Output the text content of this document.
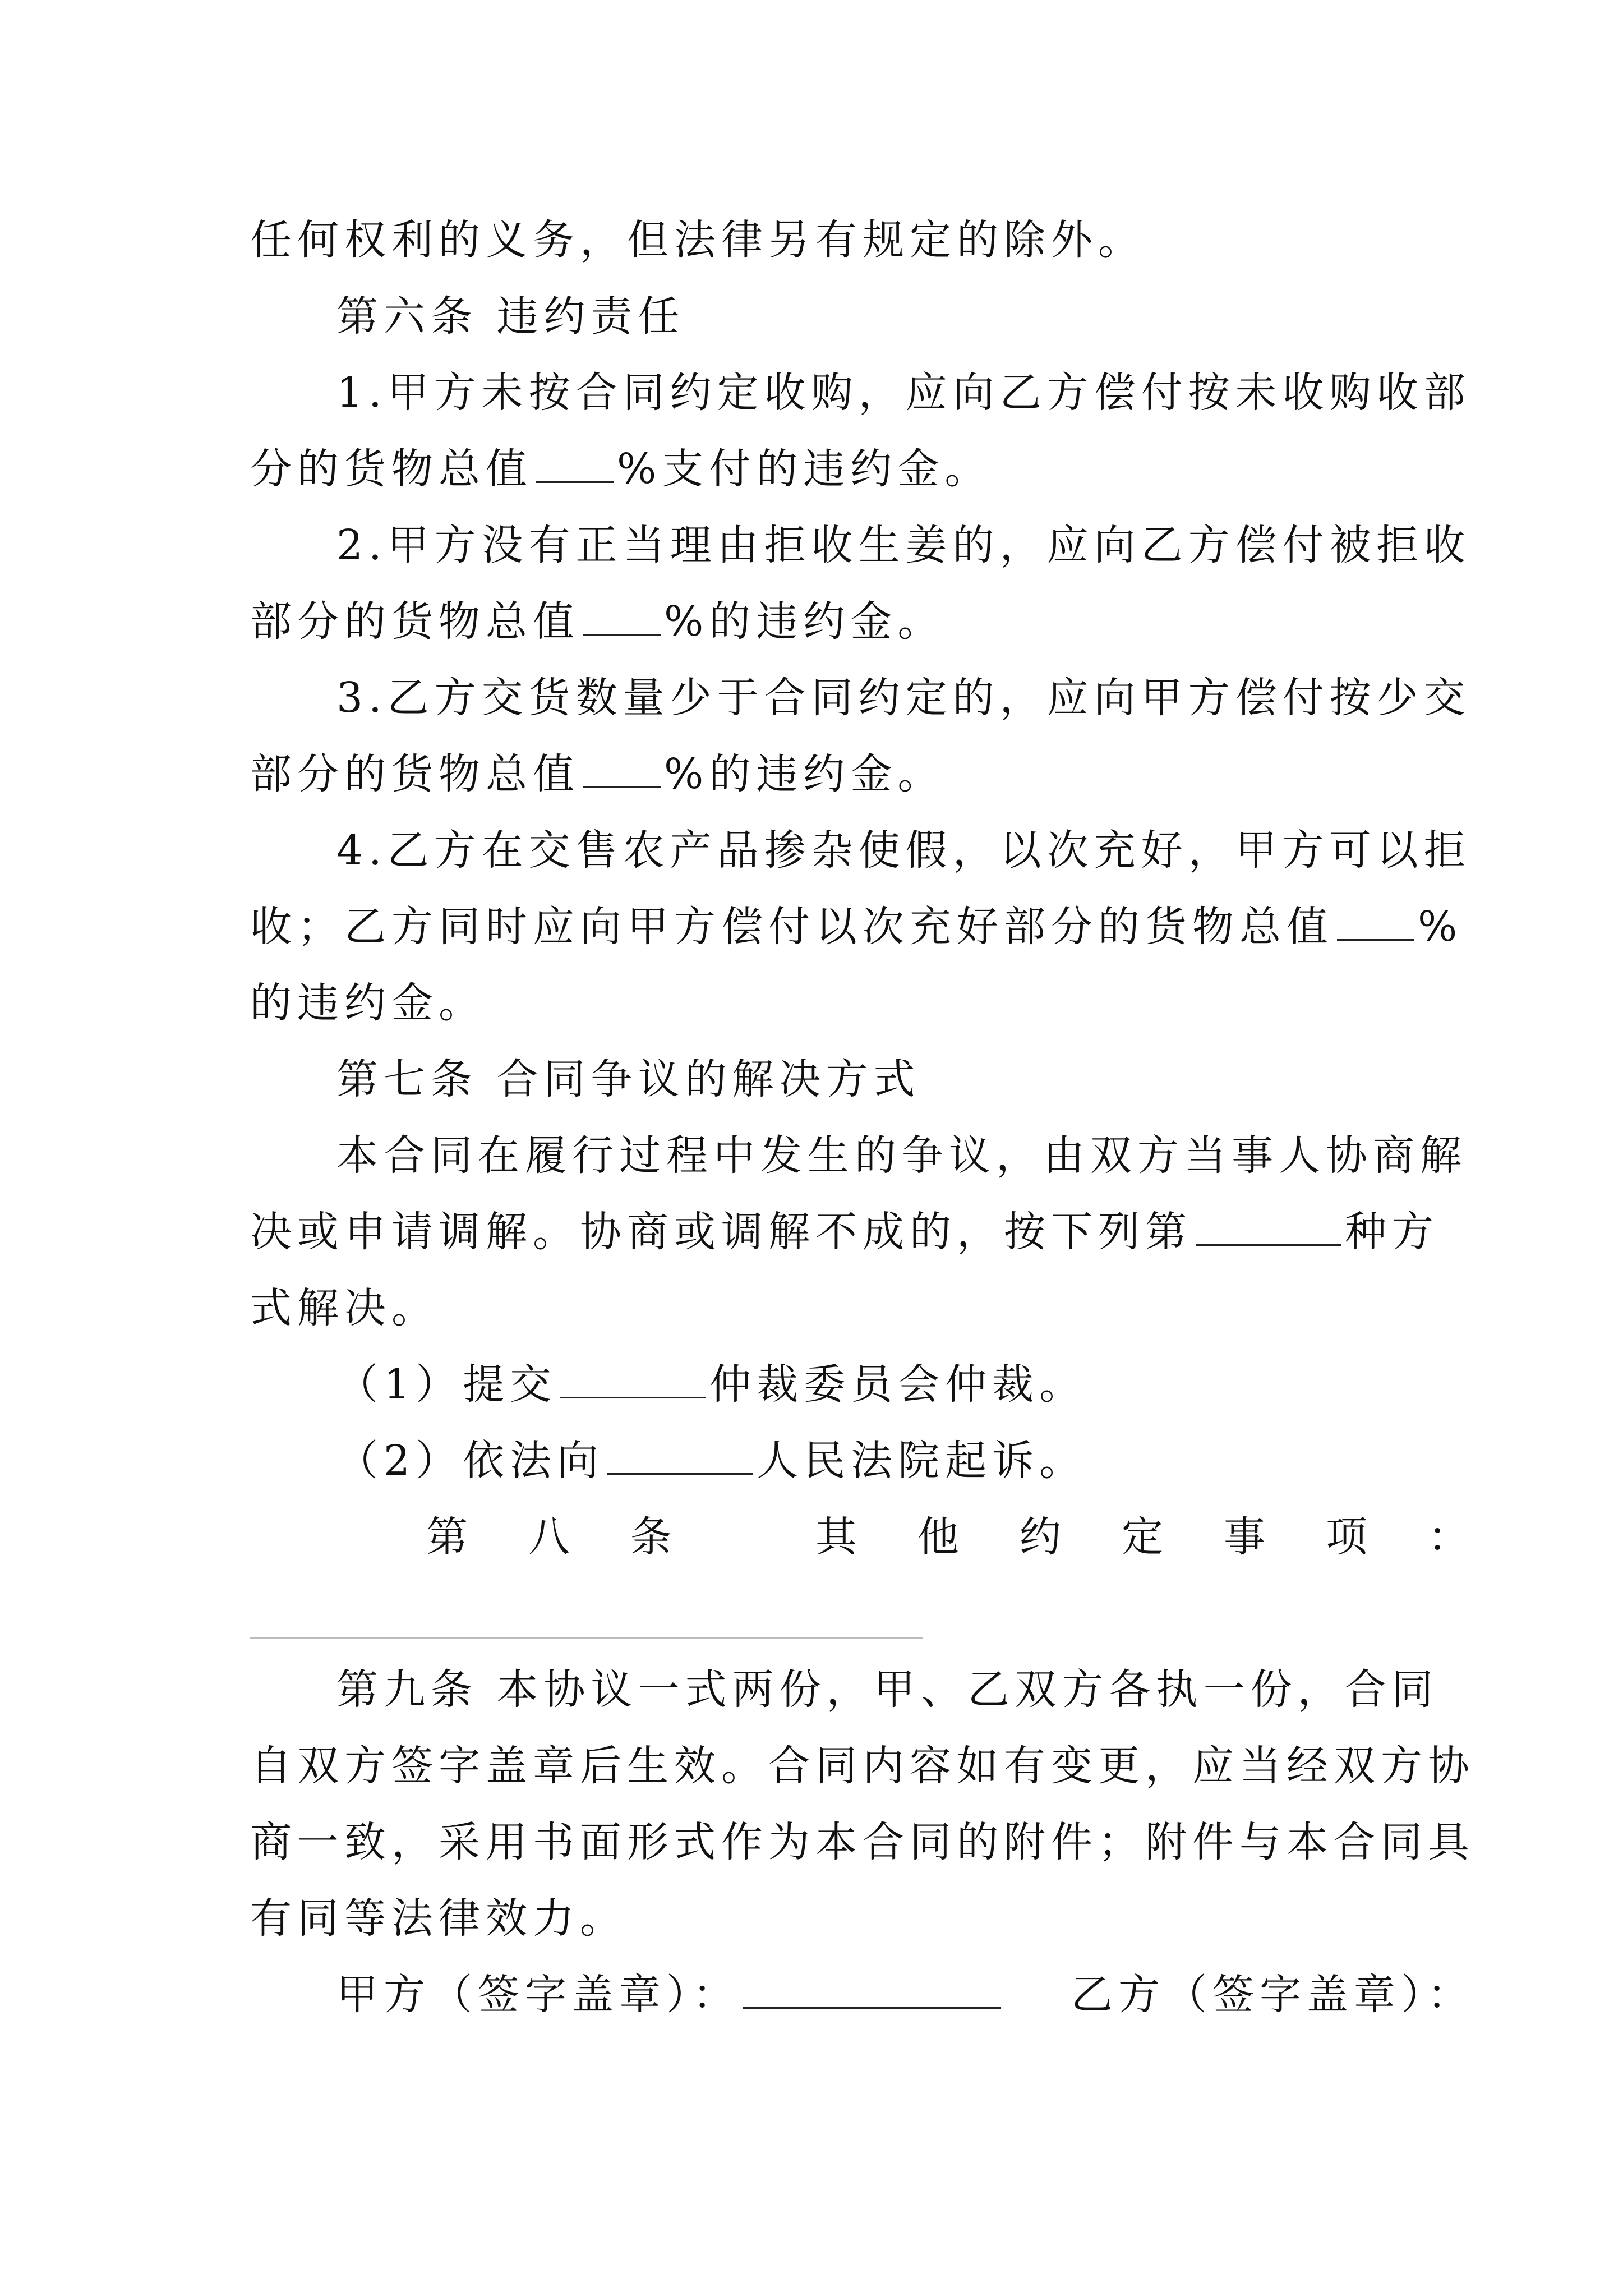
任何权利的义务，但法律另有规定的除外。
第六条 违约责任
1.甲方未按合同约定收购，应向乙方偿付按未收购收部
分的货物总值 %支付的违约金。
2.甲方没有正当理由拒收生姜的，应向乙方偿付被拒收
部分的货物总值 %的违约金。
3.乙方交货数量少于合同约定的，应向甲方偿付按少交
部分的货物总值 %的违约金。
4.乙方在交售农产品掺杂使假，以次充好，甲方可以拒
收；乙方同时应向甲方偿付以次充好部分的货物总值 %
的违约金。
第七条 合同争议的解决方式
本合同在履行过程中发生的争议，由双方当事人协商解
决或申请调解。协商或调解不成的，按下列第	种方
式解决。
（1）提交	仲裁委员会仲裁。
（2）依法向	人民法院起诉。
第八条 其他约定事项：
第九条 本协议一式两份，甲、乙双方各执一份，合同
自双方签字盖章后生效。合同内容如有变更，应当经双方协
商一致，采用书面形式作为本合同的附件；附件与本合同具
有同等法律效力。
甲方（签字盖章）：	乙方（签字盖章）：
